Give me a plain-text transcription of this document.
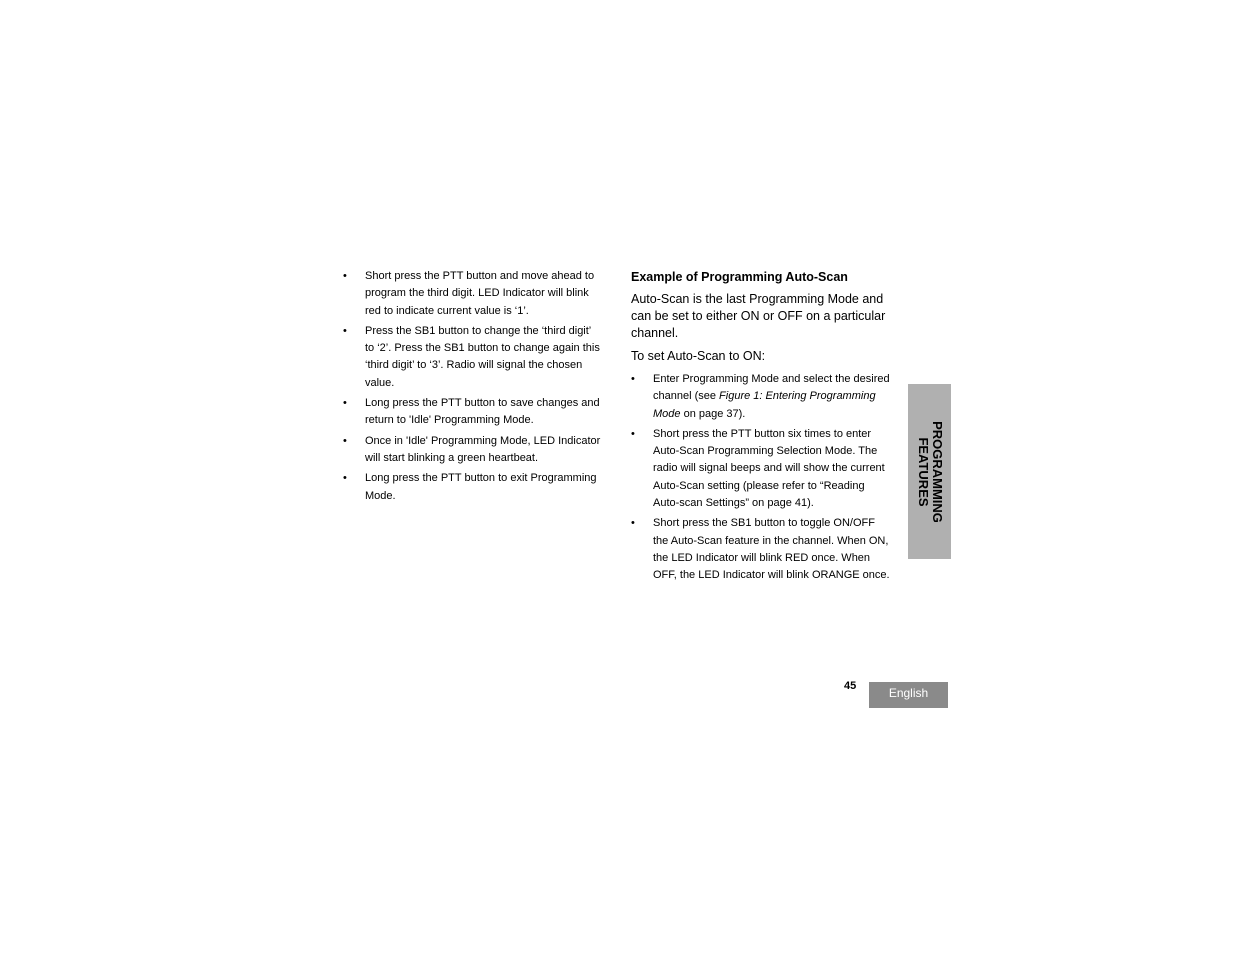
• Short press the PTT button and move ahead to program the third digit. LED Indicator will blink red to indicate current value is ‘1’.
• Press the SB1 button to change the ‘third digit’ to ‘2’. Press the SB1 button to change again this ‘third digit’ to ‘3’. Radio will signal the chosen value.
• Long press the PTT button to save changes and return to 'Idle' Programming Mode.
• Once in 'Idle' Programming Mode, LED Indicator will start blinking a green heartbeat.
• Long press the PTT button to exit Programming Mode.
Example of Programming Auto-Scan

Auto-Scan is the last Programming Mode and can be set to either ON or OFF on a particular channel.

To set Auto-Scan to ON:

• Enter Programming Mode and select the desired channel (see Figure 1: Entering Programming Mode on page 37).
• Short press the PTT button six times to enter Auto-Scan Programming Selection Mode. The radio will signal beeps and will show the current Auto-Scan setting (please refer to “Reading Auto-scan Settings” on page 41).
• Short press the SB1 button to toggle ON/OFF the Auto-Scan feature in the channel. When ON, the LED Indicator will blink RED once. When OFF, the LED Indicator will blink ORANGE once.
PROGRAMMING
FEATURES
45	English
